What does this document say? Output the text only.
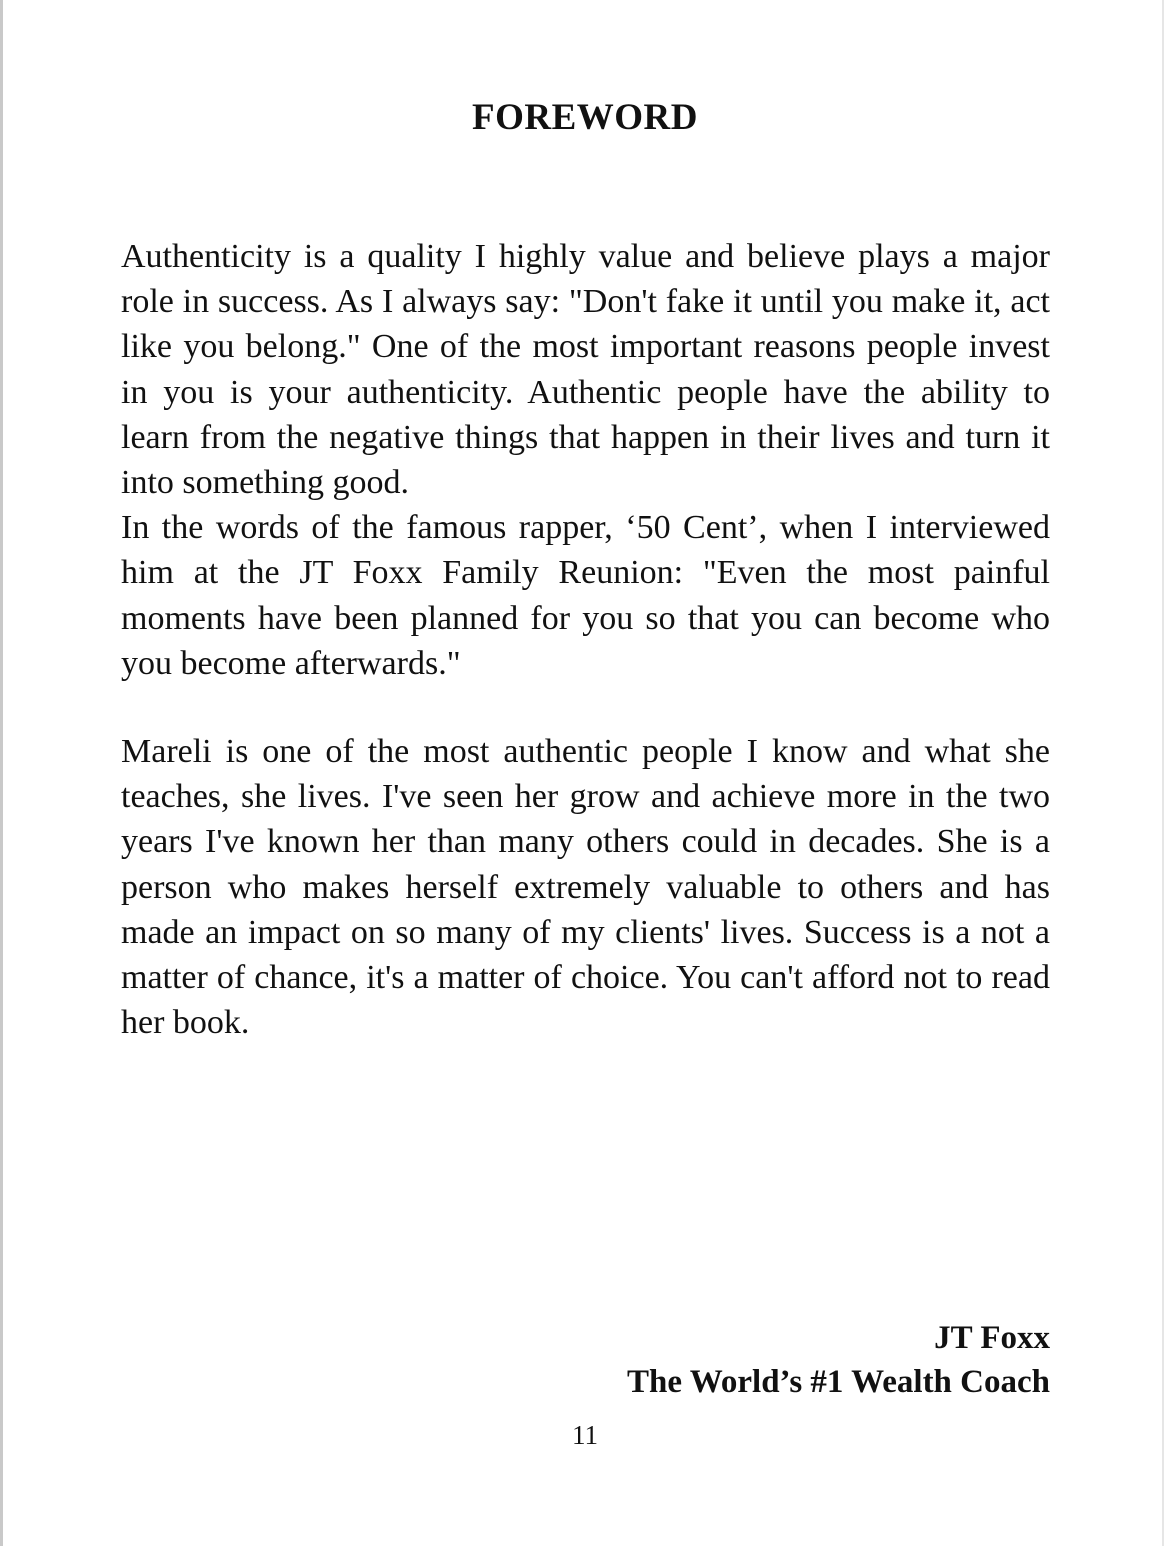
FOREWORD

Authenticity is a quality I highly value and believe plays a major role in success. As I always say: "Don't fake it until you make it, act like you belong." One of the most important reasons people invest in you is your authenticity. Authentic people have the ability to learn from the negative things that happen in their lives and turn it into something good.

In the words of the famous rapper, ‘50 Cent’, when I interviewed him at the JT Foxx Family Reunion: "Even the most painful moments have been planned for you so that you can become who you become afterwards."

Mareli is one of the most authentic people I know and what she teaches, she lives. I've seen her grow and achieve more in the two years I've known her than many others could in decades. She is a person who makes herself extremely valuable to others and has made an impact on so many of my clients' lives. Success is a not a matter of chance, it's a matter of choice. You can't afford not to read her book.

JT Foxx
The World’s #1 Wealth Coach
11
